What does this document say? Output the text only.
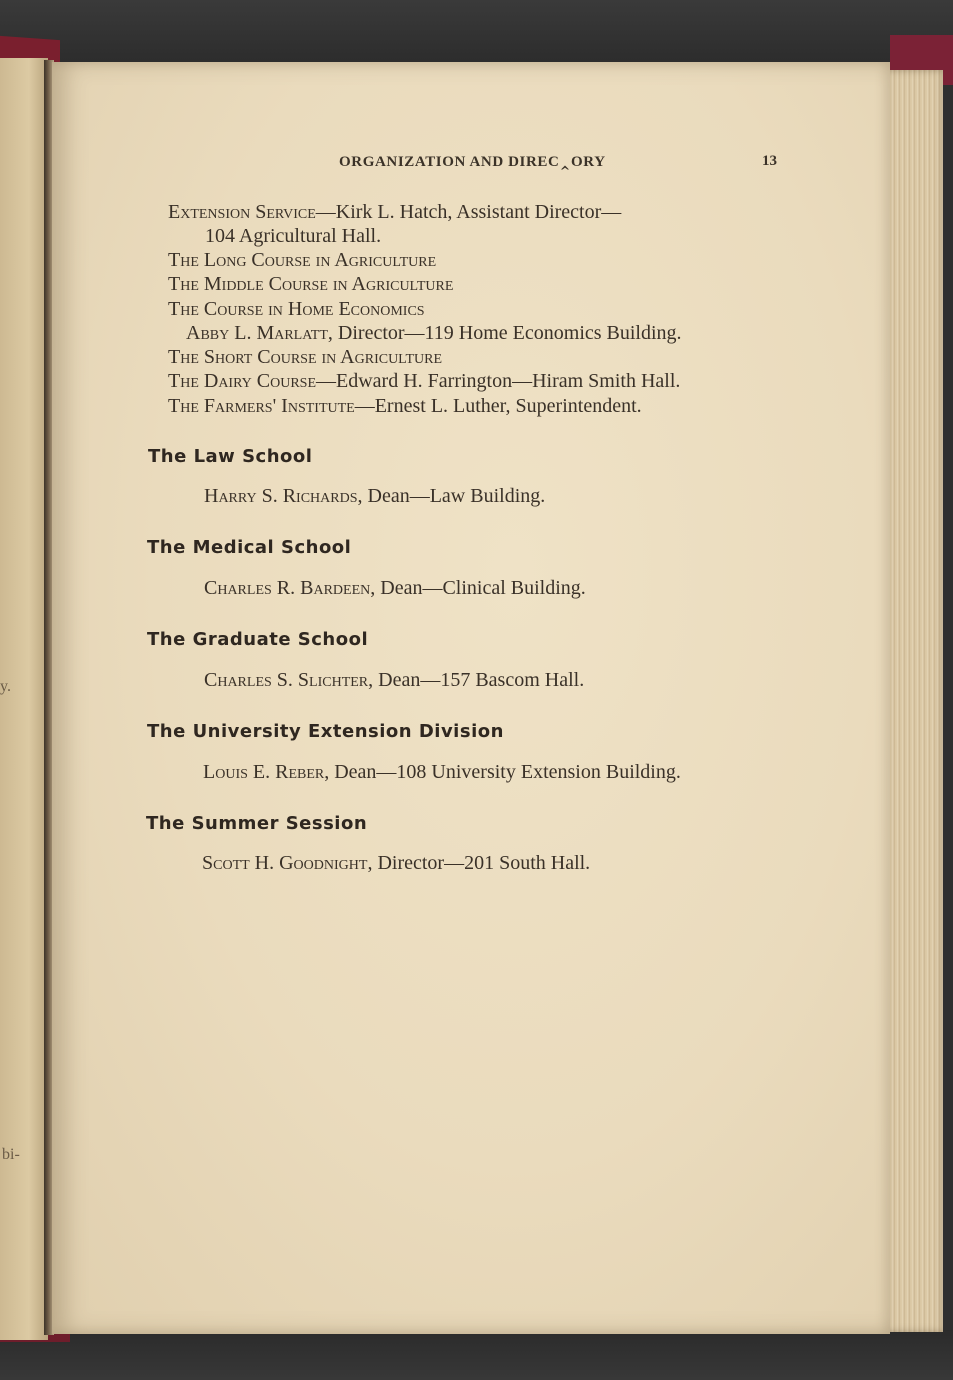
y.
bi-
ORGANIZATION AND DIREC‸ORY	13
Extension Service—Kirk L. Hatch, Assistant Director—
104 Agricultural Hall.
The Long Course in Agriculture
The Middle Course in Agriculture
The Course in Home Economics
Abby L. Marlatt, Director—119 Home Economics Building.
The Short Course in Agriculture
The Dairy Course—Edward H. Farrington—Hiram Smith Hall.
The Farmers' Institute—Ernest L. Luther, Superintendent.
The Law School
Harry S. Richards, Dean—Law Building.
The Medical School
Charles R. Bardeen, Dean—Clinical Building.
The Graduate School
Charles S. Slichter, Dean—157 Bascom Hall.
The University Extension Division
Louis E. Reber, Dean—108 University Extension Building.
The Summer Session
Scott H. Goodnight, Director—201 South Hall.
